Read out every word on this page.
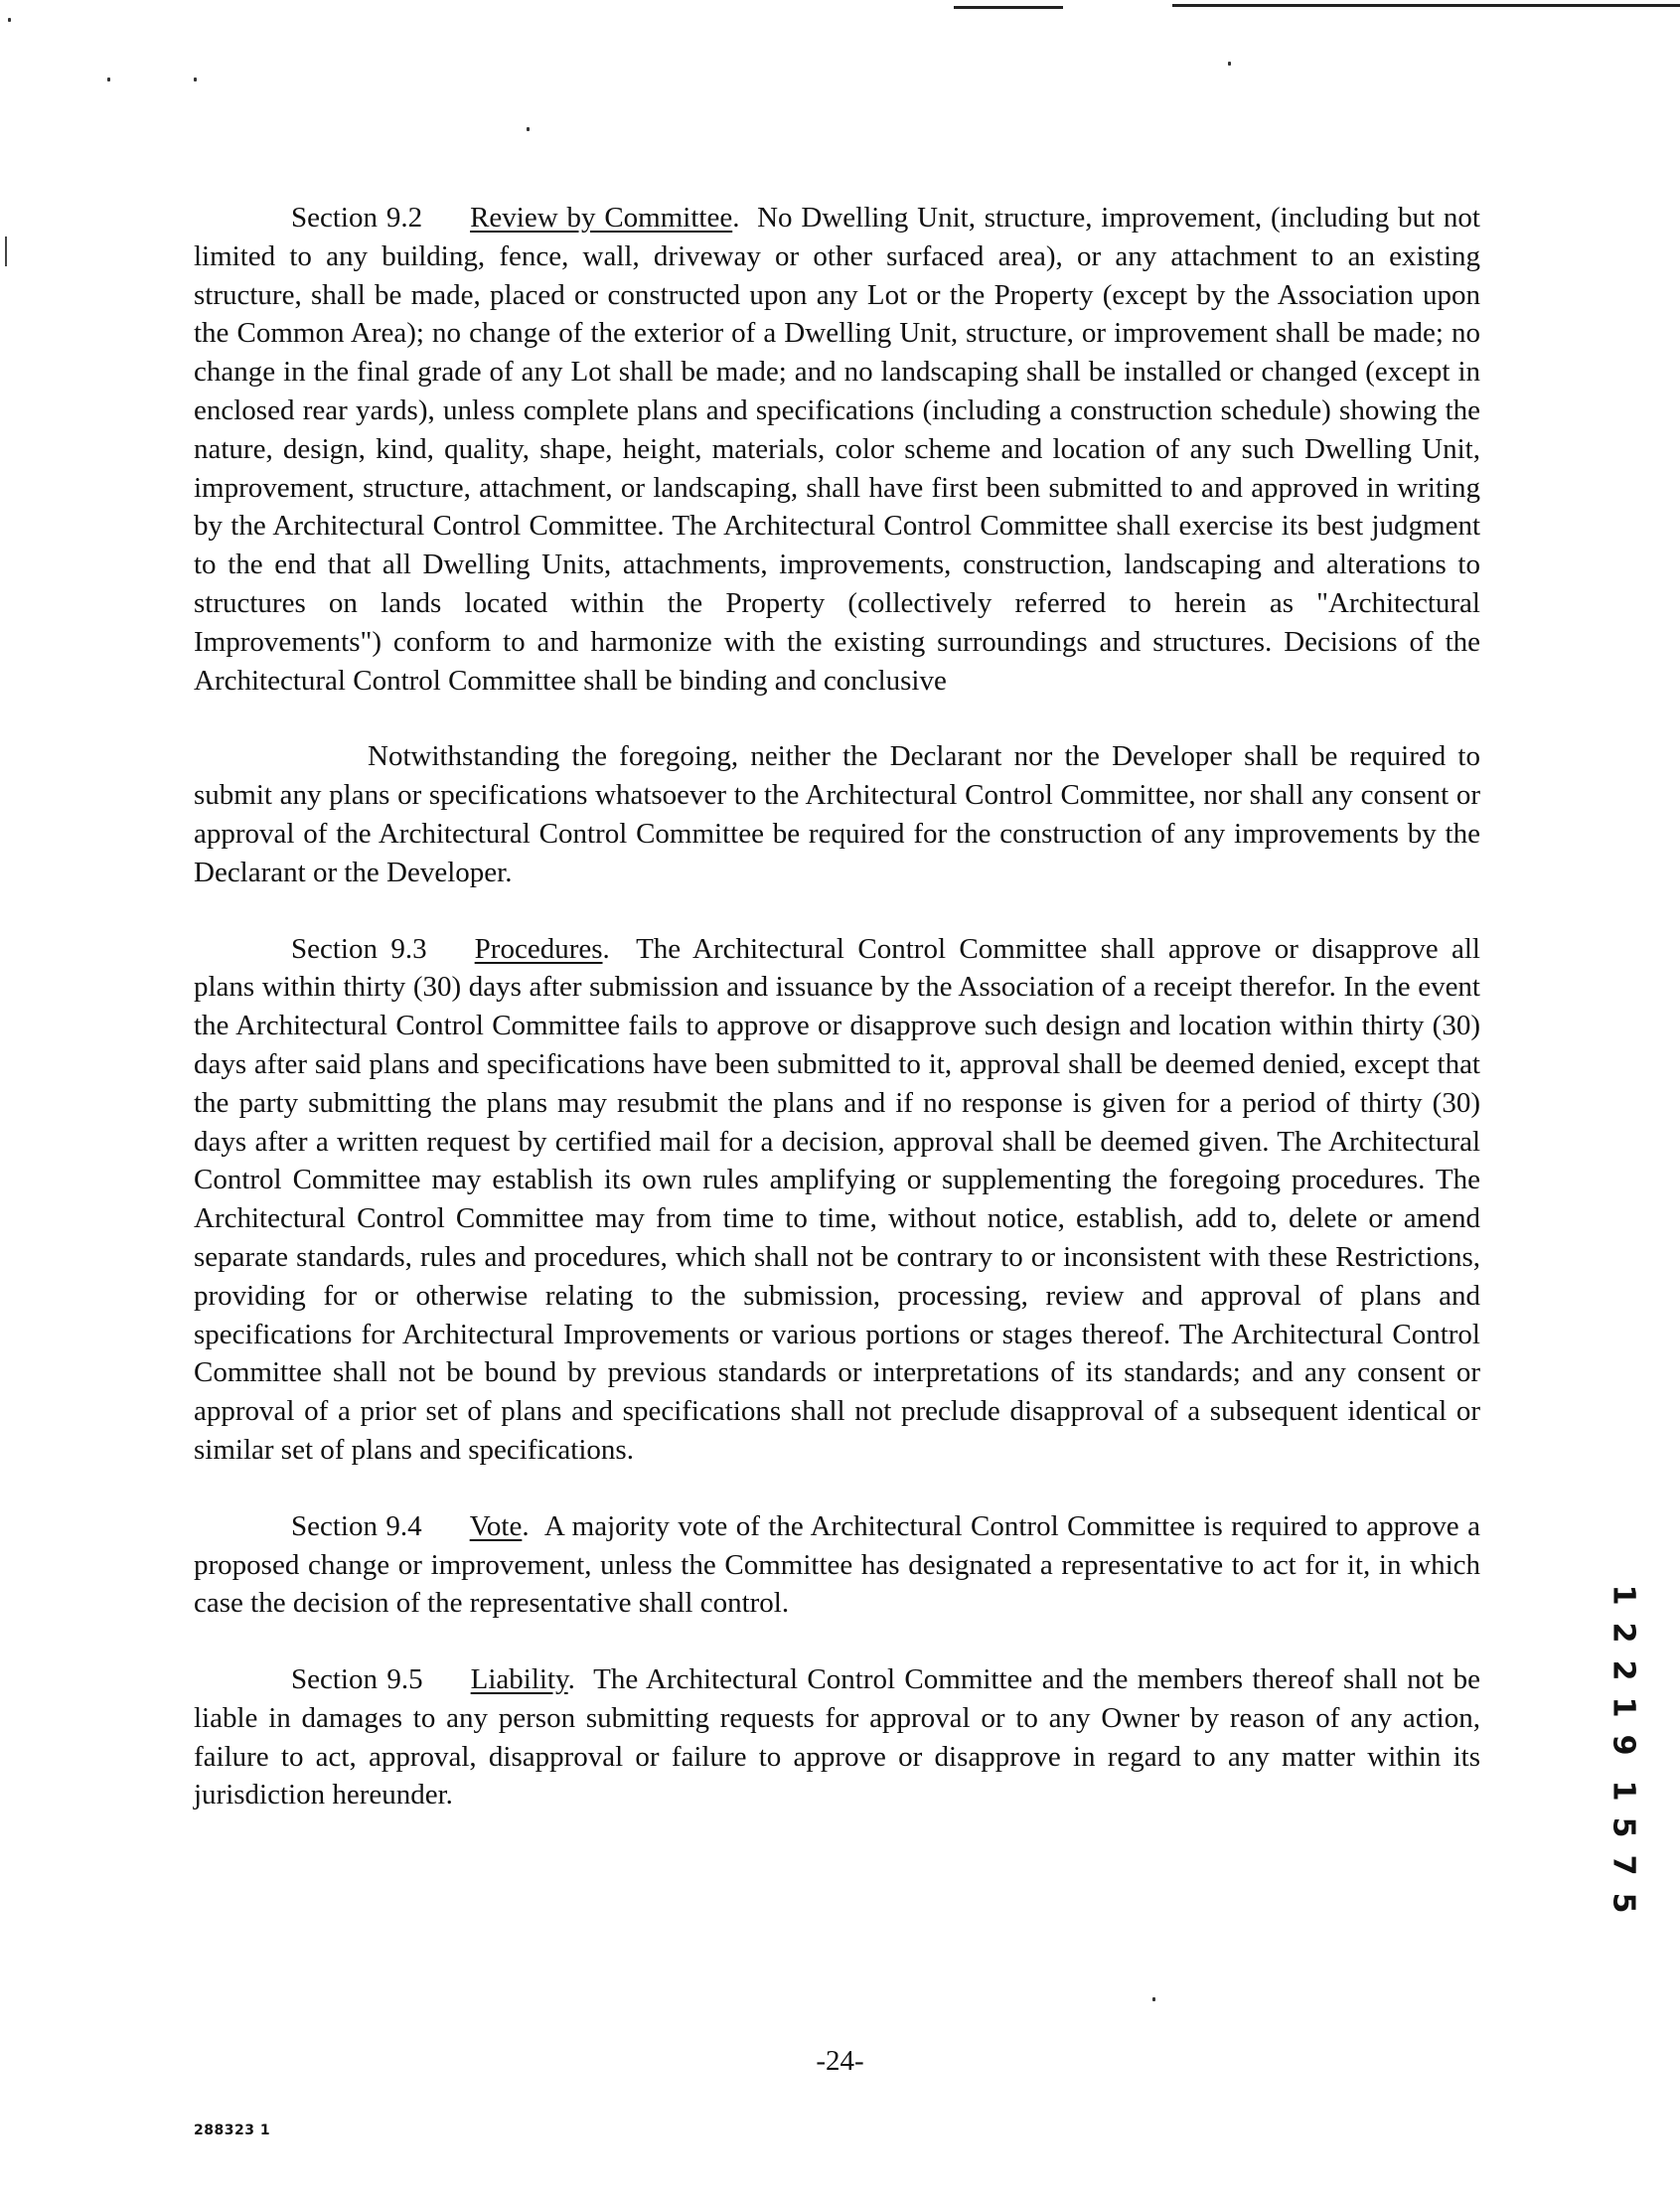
Section 9.2 Review by Committee. No Dwelling Unit, structure, improvement, (including but not limited to any building, fence, wall, driveway or other surfaced area), or any attachment to an existing structure, shall be made, placed or constructed upon any Lot or the Property (except by the Association upon the Common Area); no change of the exterior of a Dwelling Unit, structure, or improvement shall be made; no change in the final grade of any Lot shall be made; and no landscaping shall be installed or changed (except in enclosed rear yards), unless complete plans and specifications (including a construction schedule) showing the nature, design, kind, quality, shape, height, materials, color scheme and location of any such Dwelling Unit, improvement, structure, attachment, or landscaping, shall have first been submitted to and approved in writing by the Architectural Control Committee. The Architectural Control Committee shall exercise its best judgment to the end that all Dwelling Units, attachments, improvements, construction, landscaping and alterations to structures on lands located within the Property (collectively referred to herein as "Architectural Improvements") conform to and harmonize with the existing surroundings and structures. Decisions of the Architectural Control Committee shall be binding and conclusive

Notwithstanding the foregoing, neither the Declarant nor the Developer shall be required to submit any plans or specifications whatsoever to the Architectural Control Committee, nor shall any consent or approval of the Architectural Control Committee be required for the construction of any improvements by the Declarant or the Developer.

Section 9.3 Procedures. The Architectural Control Committee shall approve or disapprove all plans within thirty (30) days after submission and issuance by the Association of a receipt therefor. In the event the Architectural Control Committee fails to approve or disapprove such design and location within thirty (30) days after said plans and specifications have been submitted to it, approval shall be deemed denied, except that the party submitting the plans may resubmit the plans and if no response is given for a period of thirty (30) days after a written request by certified mail for a decision, approval shall be deemed given. The Architectural Control Committee may establish its own rules amplifying or supplementing the foregoing procedures. The Architectural Control Committee may from time to time, without notice, establish, add to, delete or amend separate standards, rules and procedures, which shall not be contrary to or inconsistent with these Restrictions, providing for or otherwise relating to the submission, processing, review and approval of plans and specifications for Architectural Improvements or various portions or stages thereof. The Architectural Control Committee shall not be bound by previous standards or interpretations of its standards; and any consent or approval of a prior set of plans and specifications shall not preclude disapproval of a subsequent identical or similar set of plans and specifications.

Section 9.4 Vote. A majority vote of the Architectural Control Committee is required to approve a proposed change or improvement, unless the Committee has designated a representative to act for it, in which case the decision of the representative shall control.

Section 9.5 Liability. The Architectural Control Committee and the members thereof shall not be liable in damages to any person submitting requests for approval or to any Owner by reason of any action, failure to act, approval, disapproval or failure to approve or disapprove in regard to any matter within its jurisdiction hereunder.

1
2
2
1
9
1
5
7
5
-24-
288323 1
